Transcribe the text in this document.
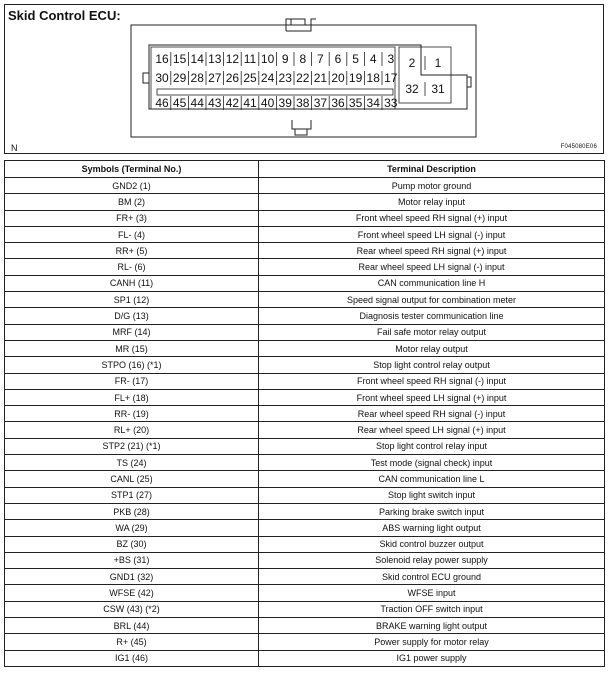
Skid Control ECU:
16 15 14 13 12 11 10 9 8 7 6 5 4 3
30 29 28 27 26 25 24 23 22 21 20 19 18 17
46 45 44 43 42 41 40 39 38 37 36 35 34 33
2 1
32 31
N	F045080E06
Symbols (Terminal No.)	Terminal Description
GND2 (1)	Pump motor ground
BM (2)	Motor relay input
FR+ (3)	Front wheel speed RH signal (+) input
FL- (4)	Front wheel speed LH signal (-) input
RR+ (5)	Rear wheel speed RH signal (+) input
RL- (6)	Rear wheel speed LH signal (-) input
CANH (11)	CAN communication line H
SP1 (12)	Speed signal output for combination meter
D/G (13)	Diagnosis tester communication line
MRF (14)	Fail safe motor relay output
MR (15)	Motor relay output
STPO (16) (*1)	Stop light control relay output
FR- (17)	Front wheel speed RH signal (-) input
FL+ (18)	Front wheel speed LH signal (+) input
RR- (19)	Rear wheel speed RH signal (-) input
RL+ (20)	Rear wheel speed LH signal (+) input
STP2 (21) (*1)	Stop light control relay input
TS (24)	Test mode (signal check) input
CANL (25)	CAN communication line L
STP1 (27)	Stop light switch input
PKB (28)	Parking brake switch input
WA (29)	ABS warning light output
BZ (30)	Skid control buzzer output
+BS (31)	Solenoid relay power supply
GND1 (32)	Skid control ECU ground
WFSE (42)	WFSE input
CSW (43) (*2)	Traction OFF switch input
BRL (44)	BRAKE warning light output
R+ (45)	Power supply for motor relay
IG1 (46)	IG1 power supply
